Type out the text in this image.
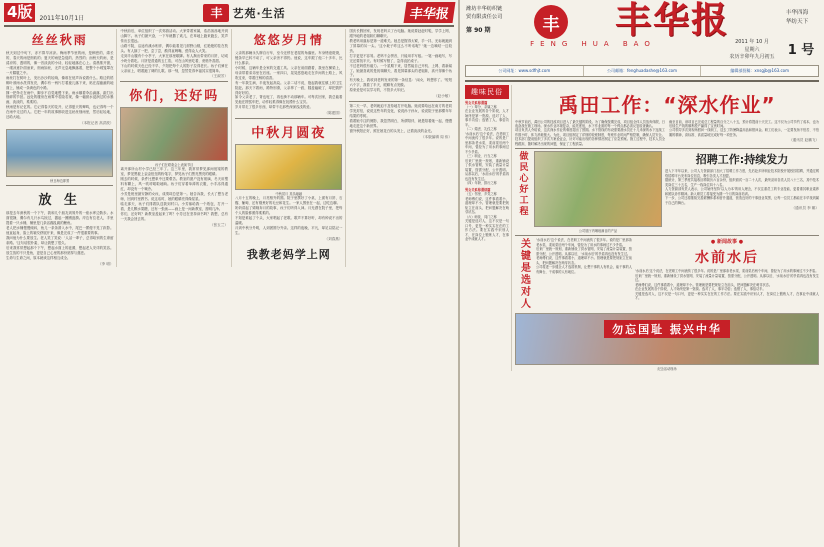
4版 2011年10月1日	丰 艺苑·生活	丰华报
丝丝秋雨
秋天到过中旬下，亦不算早凉凉。梅雨季节里的雨，是稠密的、绵长的，春天的雨是细软的；夏天的雨是急促的、热烈的；而秋天的雨，是清凉的、透明的，像一首淡淡的小诗，轻轻地落在心上。清晨推开窗，一缕凉意扑面而来，细雨如丝，无声无息地飘落着，把整个小城笼罩在一片朦胧之中。
雨丝打在树叶上，发出沙沙的轻响，像谁在低声诉说着什么。路边的梧桐叶被雨水洗得发亮，偶尔有一两片打着旋儿落下来，贴在湿漉漉的地面上，铺成一条黄色的小路。
撑一把伞走在雨中，脚步不自觉地慢下来。雨水顺着伞沿滴落，敲打出细碎的节拍。远处的楼房在雨雾中若隐若现，像一幅被水浸润过的水墨画，淡淡的，柔柔的。
秋雨是有记忆的。它记得春天的花开，记得夏天的蝉鸣，也记得每一个在雨中走过的人。它把一年的故事都收进这丝丝细雨里，然后轻轻地，还给大地。
（本报记者 高洪波）
秋日海边即景
放 生
那是去年深秋的一个下午，我和几个朋友到郊外的一座水库边散步。水面很静，偶尔有几只水鸟掠过，激起一圈圈涟漪。岸边有位老人，手里提着一只水桶，桶里是几条活蹦乱跳的鲤鱼。
老人把水桶慢慢倾斜，鱼儿一条条滑入水中，尾巴一摆便不见了踪影。他直起身，脸上的皱纹舒展开来，像是完成了一件很重要的事。
我问他为什么要放生。老人笑了笑说：'人活一辈子，总得给别的生命留条路。'这句话很朴素，却让我想了很久。
后来我常常想起那个下午，想起水面上的涟漪，想起老人安详的笑容。放生放的不只是鱼，更是自己心里的那份宽厚与慈悲。
生命与生命之间，原本就该这样相互成全。
（李 明）
中秋前后，单位组织了一次郊游活动。大家带着家属，浩浩荡荡地开到山脚下。孩子们最兴奋，一下车就撒了欢儿，在草地上跑来跑去，笑声传出去很远。
山路不陡，沿途有溪水相伴，偶尔能看见几树野山楂，红艳艳的挂在枝头。有人摘了一把，尝了尝，酸得直咧嘴，惹得众人大笑。
走到半山腰有个小亭子，大家在那里歇脚。有人掏出带来的月饼，切成小块分着吃。月饼是普通的五仁馅，可在山风里吃着，竟格外香甜。
下山的时候天色已经不早，夕阳把每个人的影子拉得老长。孩子们骑在父亲肩上，唱着跑了调的儿歌。那一刻，忽然觉得幸福其实很简单。
（王淑芳）
你们，还好吗
孩子们在联欢会上表演节目
离开那所山村小学已经三年了。这三年里，我常常梦见那间低矮的教室，梦见黑板上歪歪扭扭的粉笔字，梦见孩子们黑亮黑亮的眼睛。
刚去的时候，条件比想象中还要艰苦。教室的窗户没有玻璃，冬天用塑料布糊上，风一吹呼啦啦地响。孩子们穿着单薄的衣服，小手冻得通红，却没有一个喊冷。
小芳是班里最安静的女孩，成绩却总是第一。她告诉我，长大了想当老师，回到村里教书。说这话时，她的眼睛亮得像星星。
临走那天，孩子们排着队送我到村口。小芳塞给我一个纸包，打开一看，是几颗水果糖，还有一张画——画上是一间新教室，窗明几净。
你们，还好吗？新教室盖起来了吗？小芳还在坚持读书吗？我想，总有一天我会回去的。
（张玉兰）
悠悠岁月情
父亲的那辆永久牌自行车，至今还停在老屋的角落里。车身锈迹斑斑，链条早已转不动了，可父亲舍不得扔。他说，这车跟了他二十多年，比什么都亲。
小时候，这辆车是全家的交通工具。父亲在前面蹬着，我坐在横梁上，母亲带着弟弟坐在后座。一家四口，晃晃悠悠地走在乡间的土路上，风吹过来，带着庄稼的清香。
有一年我生病，半夜发起高烧。父亲二话不说，抱起我就往镇上的卫生院赶。那天下着雨，路特别滑，父亲摔了一跤，膝盖磕破了，却把我护得好好的。
如今父亲老了，背也驼了，再也骑不动那辆车。可每次回家，我总能看见他在擦拭车把，动作轻柔得像在抚摸什么宝贝。
岁月带走了很多东西，却带不走那些深深浅浅的爱。
（陈建国）
中秋月圆夜
中秋赏月 其乐融融
八月十五的晚上，月亮格外的圆。院子里摆好了小桌，上面有月饼、石榴、葡萄，还有刚煮好的毛豆和花生。一家人围坐在一起，边吃边聊。
奶奶讲起了嫦娥奔月的故事，孩子们听得入神。月光洒在院子里，把每个人的脸都照得柔柔的。
不知是谁起了个头，大家唱起了老歌。歌声不算好听，却有种说不出的温暖。
月到中秋分外明，人到团圆分外亲。这样的夜晚，平凡，却足以铭记一生。
（刘春燕）
我教老妈学上网
国庆长假回家，发现老妈买了台电脑。她说要赶赶时髦，学学上网，跟外地的老姐妹们聊聊天。
教老妈用鼠标是第一道难关。她总是握得太紧，手一抖，光标就跑到了屏幕的另一头。'这小耗子咋这么不听话呢？'她一边嘀咕一边较劲。
打字更是不容易。老妈不会拼音，只能用手写板。一笔一画地写，写完还要找半天。有时候写错了，急得直拍桌子。
不过老妈很有毅力。一个星期下来，居然能自己开机、上网、看新闻了。她最喜欢的是视频聊天，看见屏幕那头的老姐妹，高兴得像个孩子。
有天晚上，我收到老妈发来的第一条信息：'闺女，妈想你了。'短短六个字，我看了半天，眼睛有点发酸。
原来爱是可以学习的，不管多大年纪。
（赵小敏）
第二天一早，老妈就迫不及待地打开电脑。她说要给远在南方的老同学发封信，说说这些年的变化，说说孙子孙女，说说院子里那棵年年结果的枣树。
看着她专注的侧影，我忽然明白，所谓陪伴，就是陪着她一起，慢慢地走进这个新世界。
窗外秋阳正好，照在她花白的头发上，泛着淡淡的金光。
（本版编辑 周 伟）
潍坊丰华纺织链
贸有限责任公司
第 90 期	丰	丰华报	丰华四海
华纺天下
FENG HUA BAO	2011 年 10 月
星期六
农历辛卯年九月初五	1 号
公司网址：www.sdfhjt.com	公司邮箱：fenghuadashe@163.com	编辑部投稿：xnsgjb@163.com
趣味民俗
男女关系称谓篇
（一）辈分、亲属之称
在企业发展的各个阶段，人才始终是第一资源。选对了人，事半功倍；选错了人，事倍功半。
（二）婚丧、礼仪之称
'水前水后'这个说法，在老职工中间流传了很多年。说的是厂里那条老水渠，渠前渠后两个车间，曾经为了用水的事闹过不少矛盾。
（三）职业、行当之称
后来厂里统一规划，重新铺设了供水管网，安装了流量计量装置，按需分配，公开透明。从那以后，'水前水后'的矛盾再也没有发生过。
（四）年龄、排行之称
男女关系称谓续篇
（五）邻里、乡党之称
老师傅们说，这件事看着小，道理却不小。管理就是要把规矩立在前头，把问题解决在萌芽状态。
（六）师徒、同门之称
关键是选对人，这不仅是一句口号，更是一种实实在在的工作方法。要在实践中识别人才，在岗位上锻炼人才，在事业中成就人才。
禹田工作：“深水作业”
中秋节前后，禹田公司的技改项目进入了最关键的阶段。为了确保按期完成，项目组全体人员放弃休假，日夜奋战在施工现场。深水作业环境复杂，能见度低，水下作业面的每一个焊点都必须反复检查确认。
项目负责人介绍说，这次深水作业的难度超出了预期。水下管线的布设需要潜水员在十几米深的水下连续工作数小时，体力消耗极大。为此，项目组制定了详细的轮班制度，每班作业时间严格控制，确保人员安全。
技术部门提前组织了多次方案论证会，针对可能出现的各种情况制定了应急预案。施工过程中，技术人员全程跟踪，随时解决出现的问题，保证了工程质量。
截至目前，该项目已完成总工程量的百分之八十五，预计将提前十天完工。这不仅为公司节约了成本，也为后续生产线的顺利投产赢得了宝贵时间。
公司领导多次到现场慰问一线职工，送去了防暑降温用品和慰问金。职工们表示，一定要发扬不怕苦、不怕累的精神，高标准、高质量地完成好每一项任务。
（通讯员 赵鹏飞）
做民心好工程
公司展厅内琳琅满目的产品
招聘工作:持续发力
进入下半年以来，公司人力资源部门加大了招聘工作力度，先后赴多所职业技术院校开展校园招聘，并通过网络招聘平台发布岗位信息，吸引各类人才加盟。
据统计，第三季度共接收应聘简历六百余份，组织面试一百二十人次，最终录用各类人员八十三名，其中技术类岗位三十五名，生产一线岗位四十八名。
人力资源部负责人表示，公司始终坚持'以人为本'的用人理念，不仅注重员工的专业技能，更看重其职业素养和团队协作精神。新入职员工将接受为期一个月的岗前培训。
下一步，公司还将继续完善薪酬体系和晋升通道，营造良好的干事创业氛围，让每一位员工都能在丰华找到属于自己的舞台。
（通讯员 李 娜）
关键是选对人	'水前水后'这个说法，在老职工中间流传了很多年。说的是厂里那条老水渠，渠前渠后两个车间，曾经为了用水的事闹过不少矛盾。
后来厂里统一规划，重新铺设了供水管网，安装了流量计量装置，按需分配，公开透明。从那以后，'水前水后'的矛盾再也没有发生过。
老师傅们说，这件事看着小，道理却不小。管理就是要把规矩立在前头，把问题解决在萌芽状态。
公司将进一步健全人才选拔机制，让想干事的人有机会，能干事的人有舞台，干成事的人有地位。
● 新闻故事 ●
水前水后
'水前水后'这个说法，在老职工中间流传了很多年。说的是厂里那条老水渠，渠前渠后两个车间，曾经为了用水的事闹过不少矛盾。
后来厂里统一规划，重新铺设了供水管网，安装了流量计量装置，按需分配，公开透明。从那以后，'水前水后'的矛盾再也没有发生过。
老师傅们说，这件事看着小，道理却不小。管理就是要把规矩立在前头，把问题解决在萌芽状态。
在企业发展的各个阶段，人才始终是第一资源。选对了人，事半功倍；选错了人，事倍功半。
关键是选对人，这不仅是一句口号，更是一种实实在在的工作方法。要在实践中识别人才，在岗位上锻炼人才，在事业中成就人才。
勿忘国耻 振兴中华
纪念活动现场
